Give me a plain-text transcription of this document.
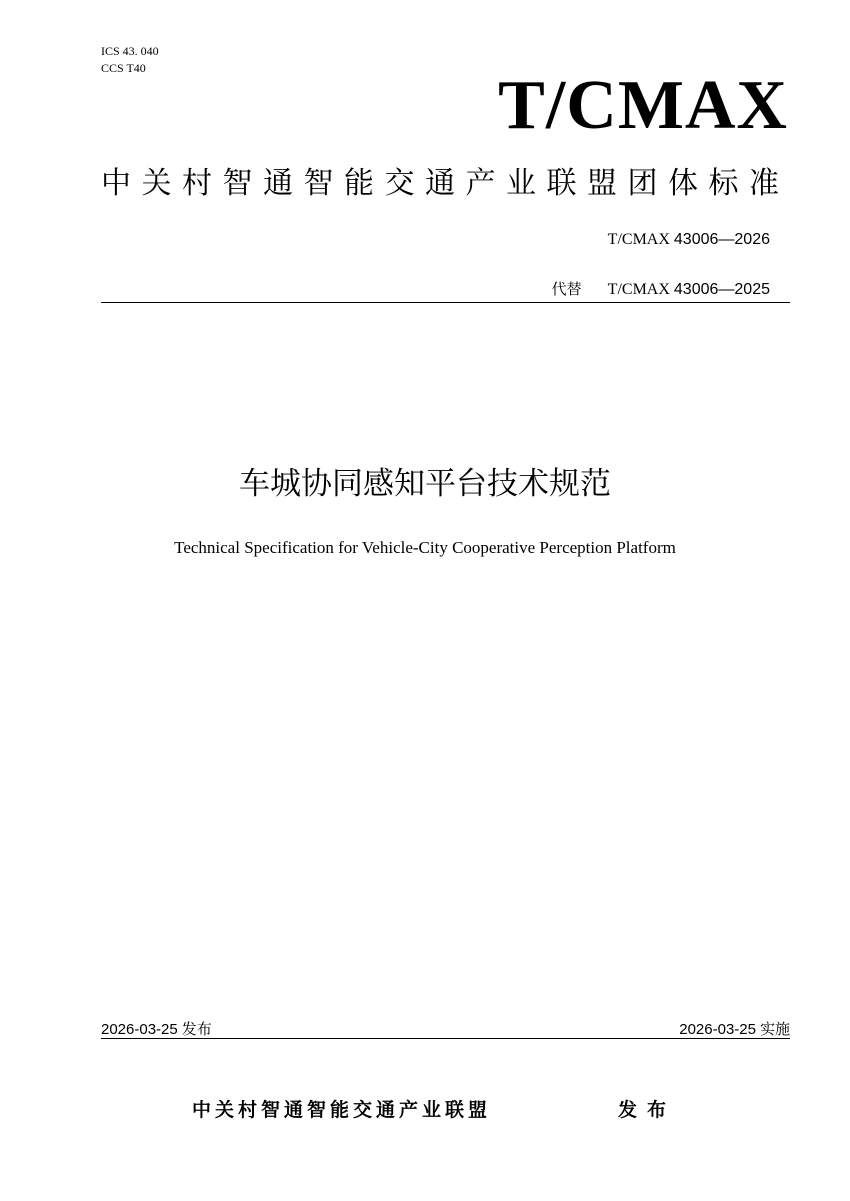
ICS 43. 040
CCS T40	T/CMAX
中关村智通智能交通产业联盟团体标准
T/CMAX 43006—2026
代替 T/CMAX 43006—2025
车城协同感知平台技术规范
Technical Specification for Vehicle-City Cooperative Perception Platform
2026-03-25 发布	2026-03-25 实施
中关村智通智能交通产业联盟	发布
